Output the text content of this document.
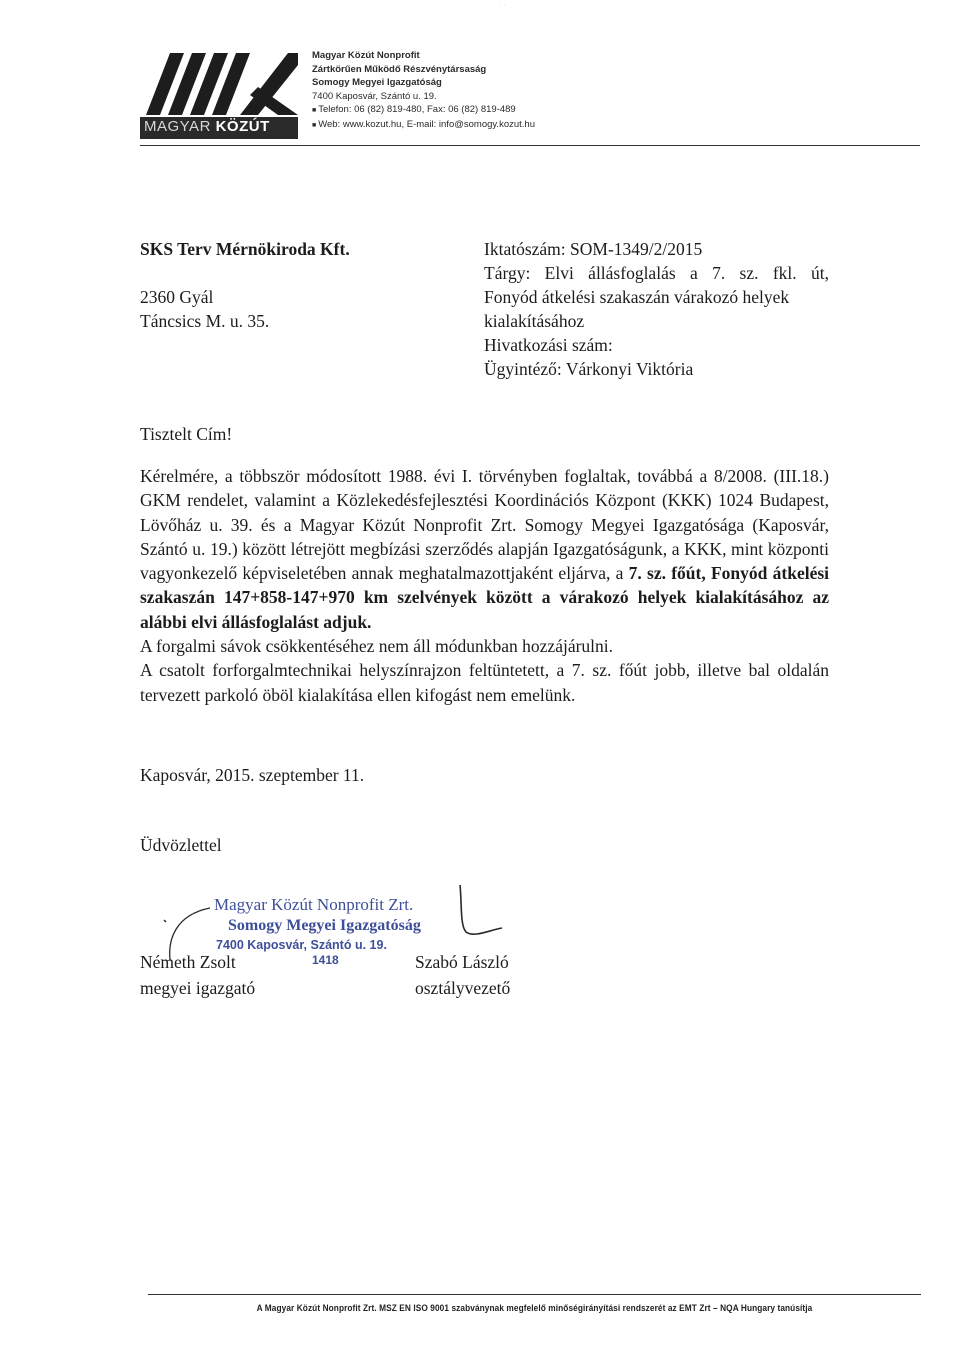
MAGYAR KÖZÚT
Magyar Közút Nonprofit
Zártkörűen Működő Részvénytársaság
Somogy Megyei Igazgatóság
7400 Kaposvár, Szántó u. 19.
■ Telefon: 06 (82) 819-480, Fax: 06 (82) 819-489
■ Web: www.kozut.hu, E-mail: info@somogy.kozut.hu
· ·
SKS Terv Mérnökiroda Kft.
2360 Gyál
Táncsics M. u. 35.
Iktatószám: SOM-1349/2/2015
Tárgy: Elvi állásfoglalás a 7. sz. fkl. út,
Fonyód átkelési szakaszán várakozó helyek
kialakításához
Hivatkozási szám:
Ügyintéző: Várkonyi Viktória
Tisztelt Cím!

Kérelmére, a többször módosított 1988. évi I. törvényben foglaltak, továbbá a 8/2008. (III.18.) GKM rendelet, valamint a Közlekedésfejlesztési Koordinációs Központ (KKK) 1024 Budapest, Lövőház u. 39. és a Magyar Közút Nonprofit Zrt. Somogy Megyei Igazgatósága (Kaposvár, Szántó u. 19.) között létrejött megbízási szerződés alapján Igazgatóságunk, a KKK, mint központi vagyonkezelő képviseletében annak meghatalmazottjaként eljárva, a 7. sz. főút, Fonyód átkelési szakaszán 147+858-147+970 km szelvények között a várakozó helyek kialakításához az alábbi elvi állásfoglalást adjuk.

A forgalmi sávok csökkentéséhez nem áll módunkban hozzájárulni.

A csatolt forforgalmtechnikai helyszínrajzon feltüntetett, a 7. sz. főút jobb, illetve bal oldalán tervezett parkoló öböl kialakítása ellen kifogást nem emelünk.

Kaposvár, 2015. szeptember 11.
Üdvözlettel
Magyar Közút Nonprofit Zrt.
Somogy Megyei Igazgatóság
7400 Kaposvár, Szántó u. 19.
1418
Németh Zsolt
megyei igazgató
Szabó László
osztályvezető
A Magyar Közút Nonprofit Zrt. MSZ EN ISO 9001 szabványnak megfelelő minőségirányítási rendszerét az EMT Zrt – NQA Hungary tanúsítja
